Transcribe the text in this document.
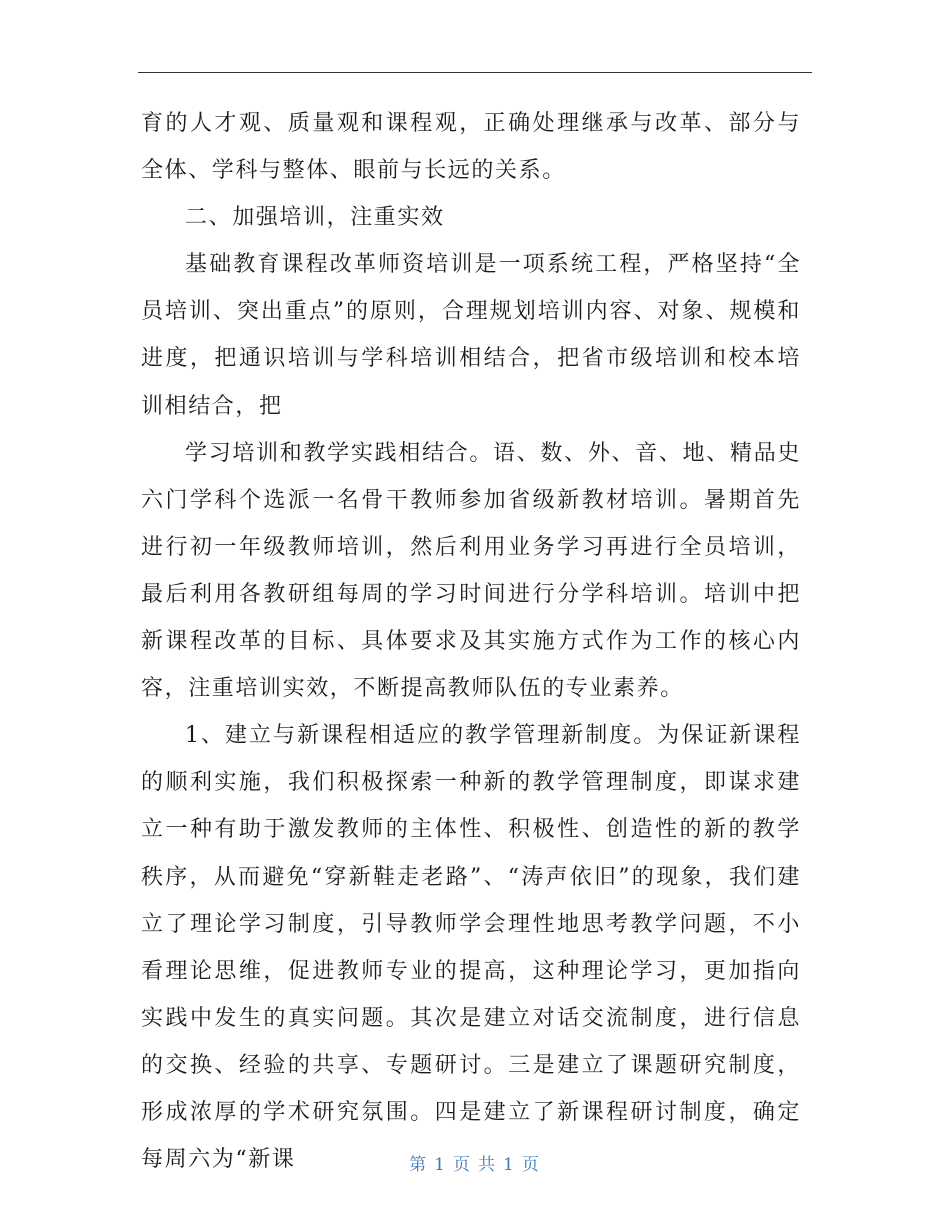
育的人才观、质量观和课程观，正确处理继承与改革、部分与全体、学科与整体、眼前与长远的关系。

二、加强培训，注重实效

基础教育课程改革师资培训是一项系统工程，严格坚持“全员培训、突出重点”的原则，合理规划培训内容、对象、规模和进度，把通识培训与学科培训相结合，把省市级培训和校本培训相结合，把

学习培训和教学实践相结合。语、数、外、音、地、精品史六门学科个选派一名骨干教师参加省级新教材培训。暑期首先进行初一年级教师培训，然后利用业务学习再进行全员培训，最后利用各教研组每周的学习时间进行分学科培训。培训中把新课程改革的目标、具体要求及其实施方式作为工作的核心内容，注重培训实效，不断提高教师队伍的专业素养。

1、建立与新课程相适应的教学管理新制度。为保证新课程的顺利实施，我们积极探索一种新的教学管理制度，即谋求建立一种有助于激发教师的主体性、积极性、创造性的新的教学秩序，从而避免“穿新鞋走老路”、“涛声依旧”的现象，我们建立了理论学习制度，引导教师学会理性地思考教学问题，不小看理论思维，促进教师专业的提高，这种理论学习，更加指向实践中发生的真实问题。其次是建立对话交流制度，进行信息的交换、经验的共享、专题研讨。三是建立了课题研究制度，形成浓厚的学术研究氛围。四是建立了新课程研讨制度，确定每周六为“新课	第 1 页 共 1 页
